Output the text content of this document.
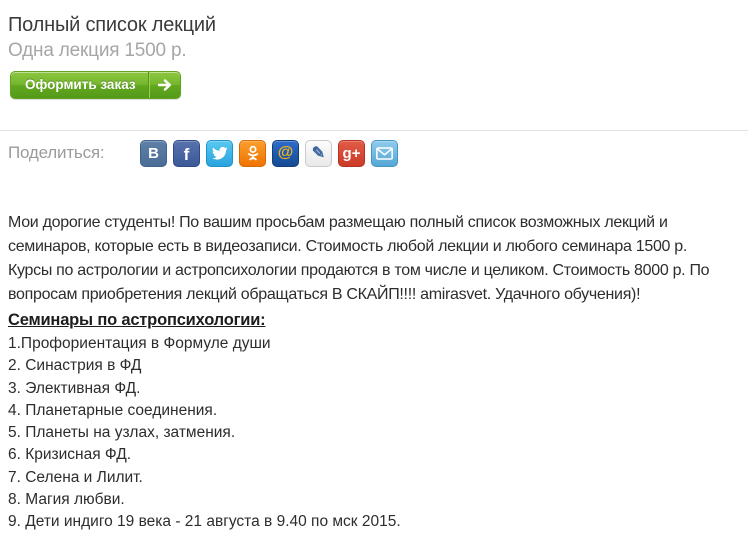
Полный список лекций
Одна лекция 1500 р.
Оформить заказ
Поделиться:	В f	@ ✎ g+

Мои дорогие студенты! По вашим просьбам размещаю полный список возможных лекций и семинаров, которые есть в видеозаписи. Стоимость любой лекции и любого семинара 1500 р. Курсы по астрологии и астропсихологии продаются в том числе и целиком. Стоимость 8000 р. По вопросам приобретения лекций обращаться В СКАЙП!!!! amirasvet. Удачного обучения)!

Семинары по астропсихологии:
1.Профориентация в Формуле души
2. Синастрия в ФД
3. Элективная ФД.
4. Планетарные соединения.
5. Планеты на узлах, затмения.
6. Кризисная ФД.
7. Селена и Лилит.
8. Магия любви.
9. Дети индиго 19 века - 21 августа в 9.40 по мск 2015.
